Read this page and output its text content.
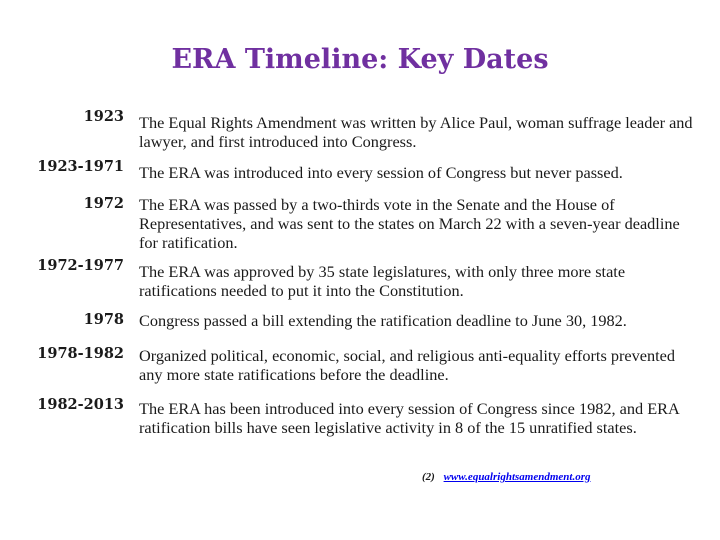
ERA Timeline: Key Dates
1923 The Equal Rights Amendment was written by Alice Paul, woman suffrage leader and lawyer, and first introduced into Congress.
1923-1971 The ERA was introduced into every session of Congress but never passed.
1972 The ERA was passed by a two-thirds vote in the Senate and the House of Representatives, and was sent to the states on March 22 with a seven-year deadline for ratification.
1972-1977 The ERA was approved by 35 state legislatures, with only three more state ratifications needed to put it into the Constitution.
1978 Congress passed a bill extending the ratification deadline to June 30, 1982.
1978-1982 Organized political, economic, social, and religious anti-equality efforts prevented any more state ratifications before the deadline.
1982-2013 The ERA has been introduced into every session of Congress since 1982, and ERA ratification bills have seen legislative activity in 8 of the 15 unratified states.
(2) www.equalrightsamendment.org
